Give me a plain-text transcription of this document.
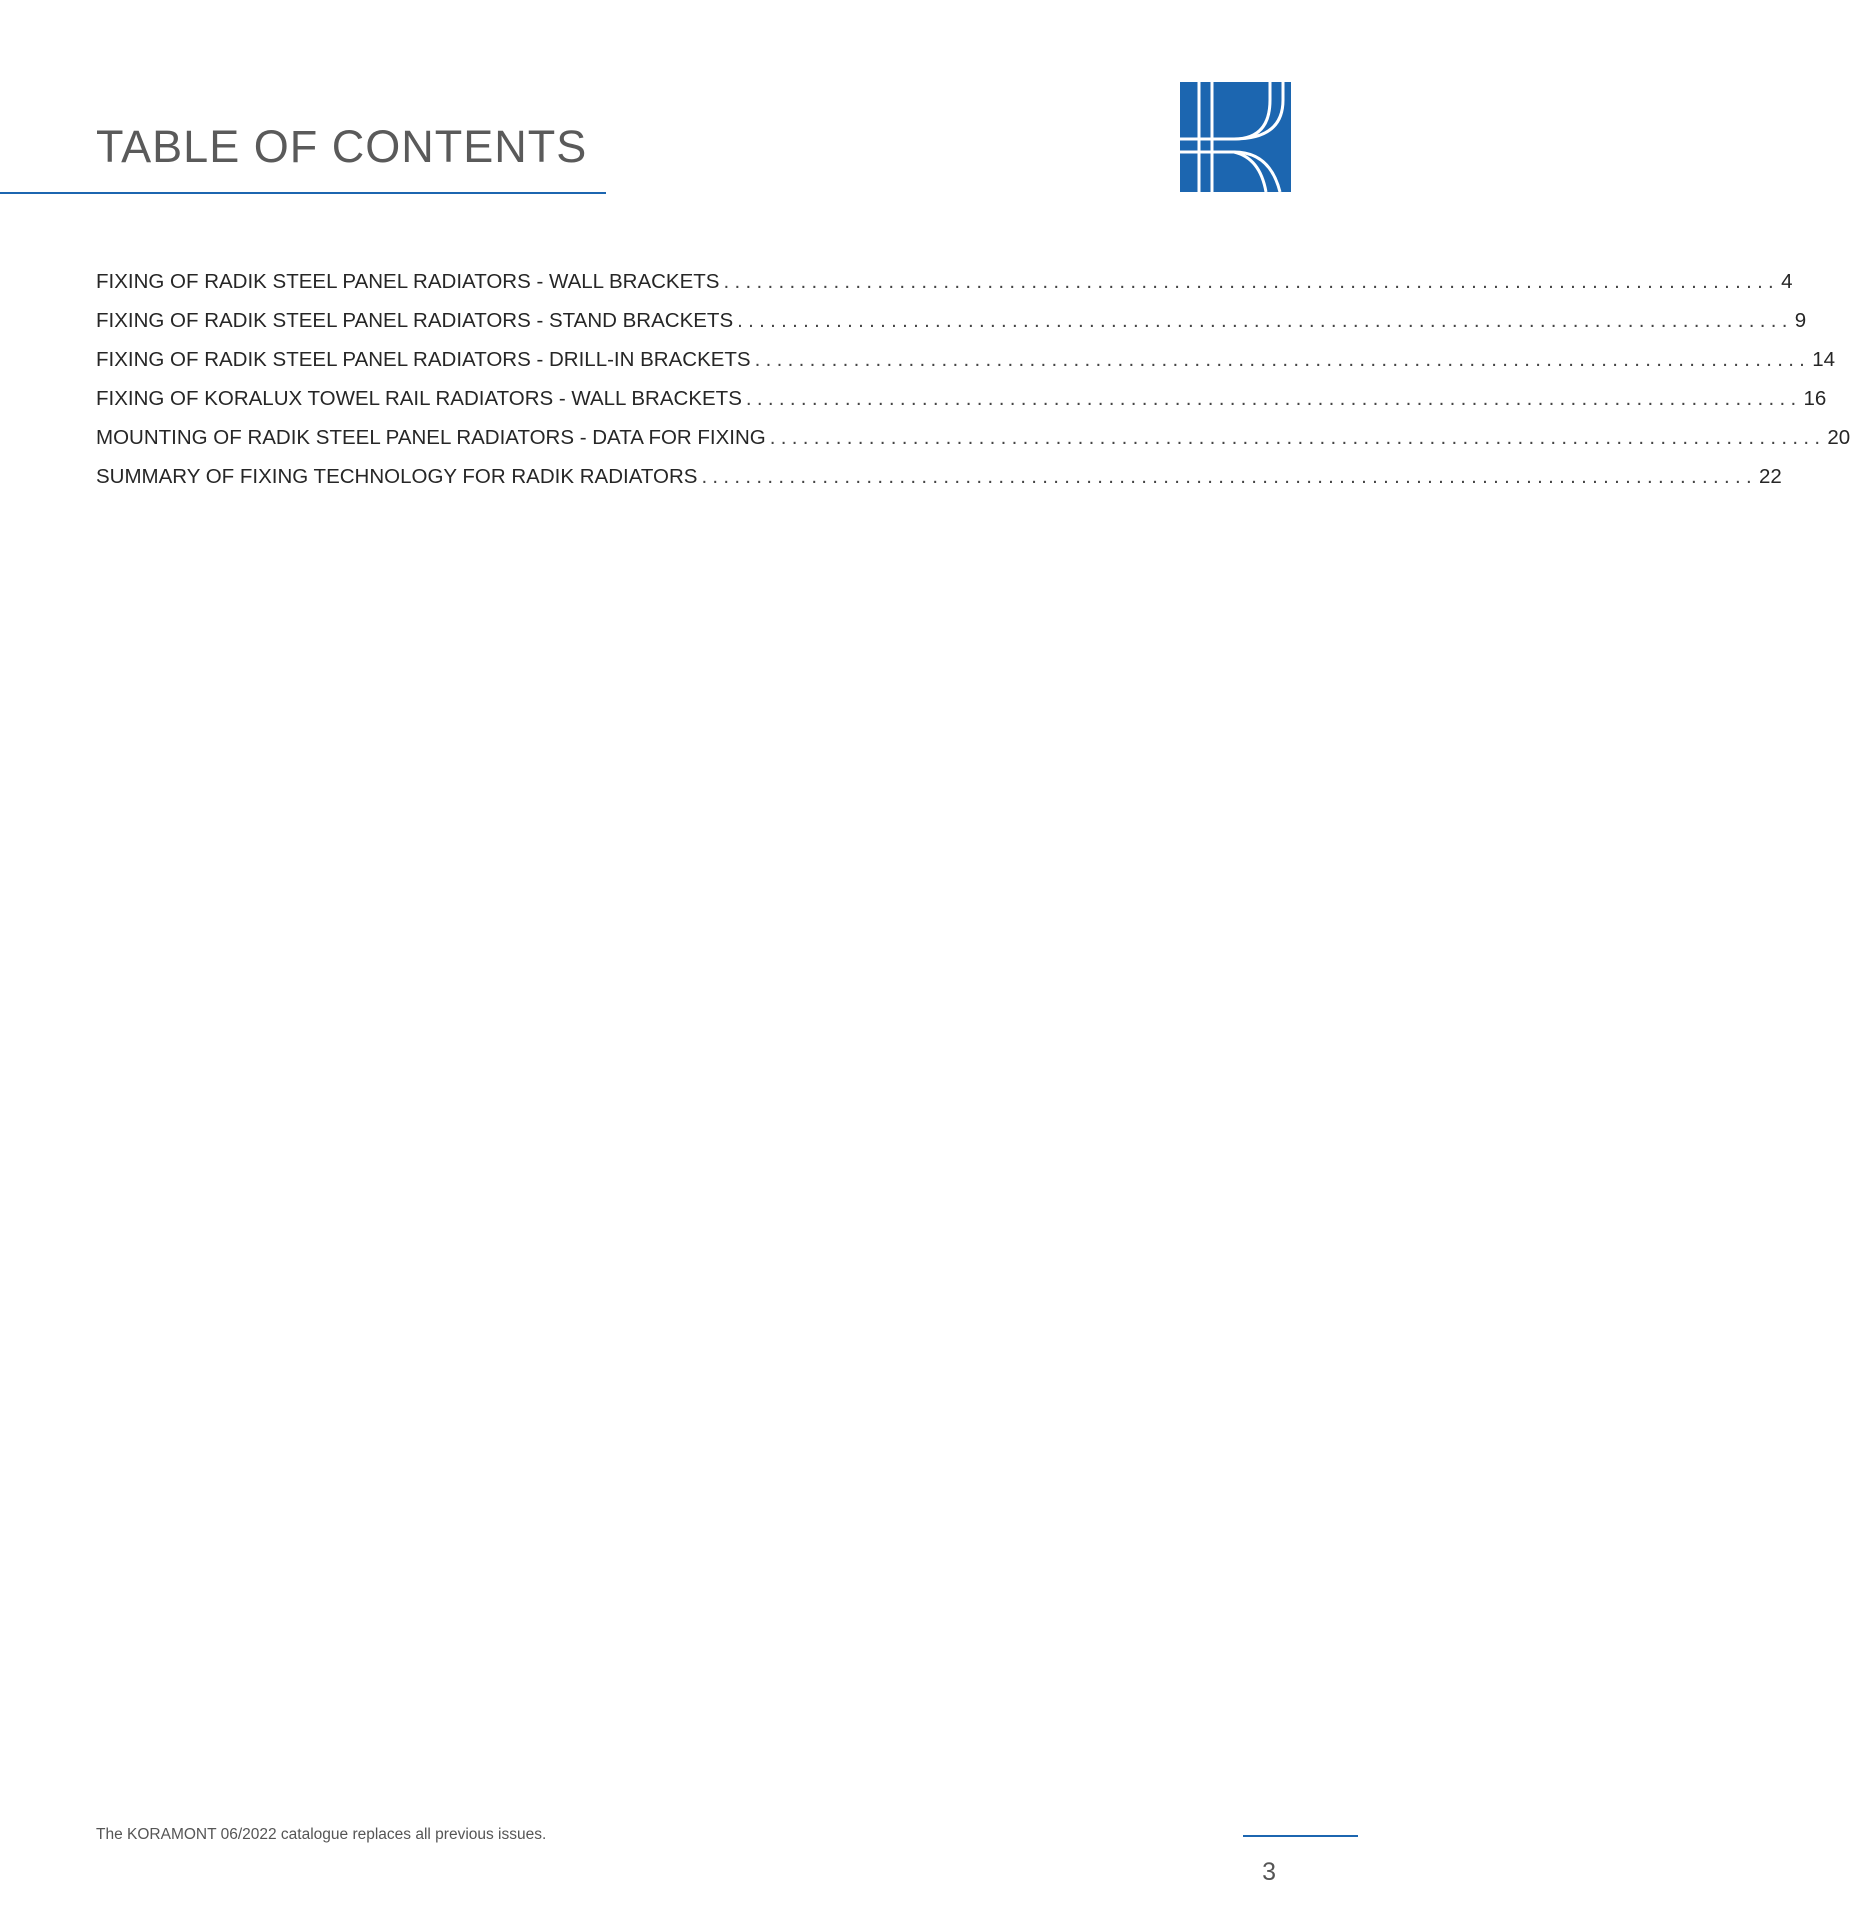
TABLE OF CONTENTS
FIXING OF RADIK STEEL PANEL RADIATORS - WALL BRACKETS ................................................................................................ 4
FIXING OF RADIK STEEL PANEL RADIATORS - STAND BRACKETS ................................................................................................ 9
FIXING OF RADIK STEEL PANEL RADIATORS - DRILL-IN BRACKETS ................................................................................................ 14
FIXING OF KORALUX TOWEL RAIL RADIATORS - WALL BRACKETS ................................................................................................ 16
MOUNTING OF RADIK STEEL PANEL RADIATORS - DATA FOR FIXING ................................................................................................ 20
SUMMARY OF FIXING TECHNOLOGY FOR RADIK RADIATORS ................................................................................................ 22
The KORAMONT 06/2022 catalogue replaces all previous issues.
3
